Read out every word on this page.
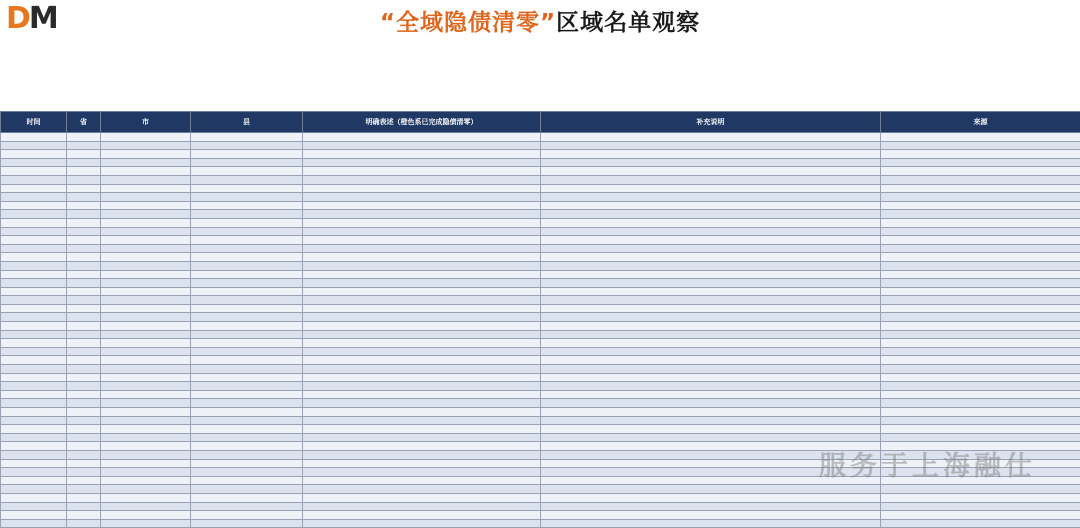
D M	“全域隐债清零”区域名单观察
时间	省	市	县	明确表述（橙色系已完成隐债清零）	补充说明	来源

服务于上海融仕
